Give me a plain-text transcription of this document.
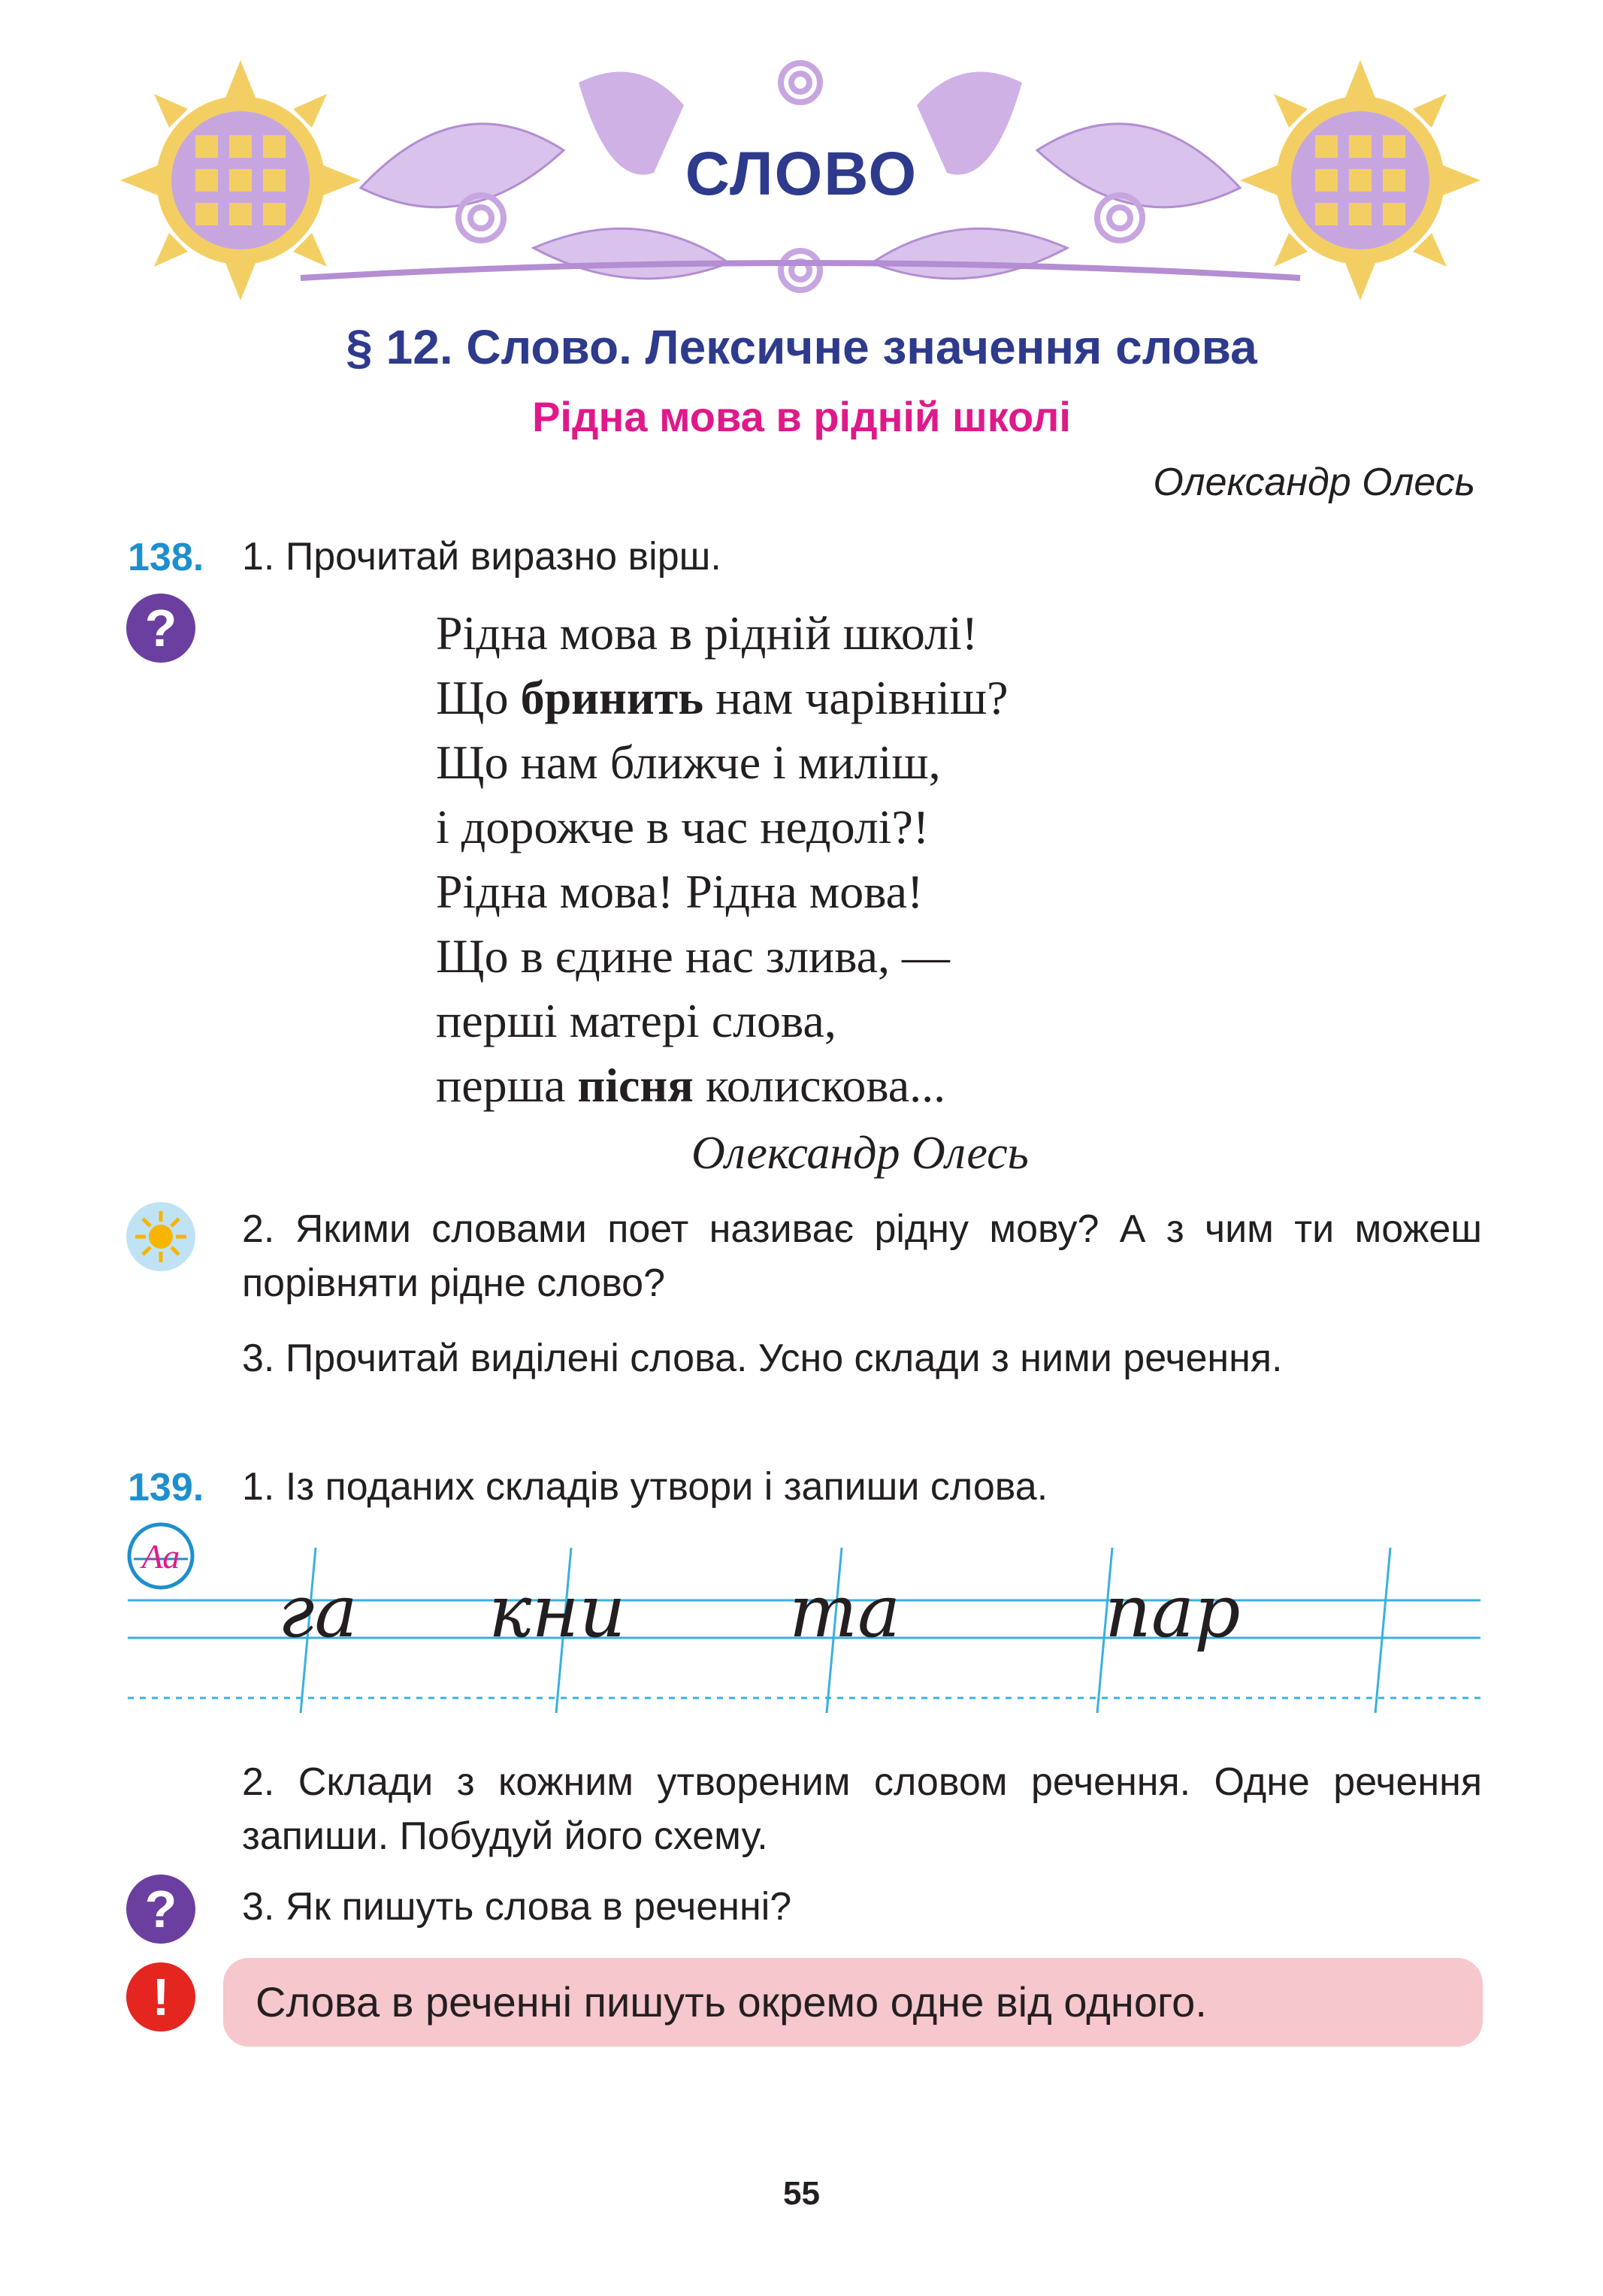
СЛОВО
§ 12. Слово. Лексичне значення слова
Рідна мова в рідній школі
Олександр Олесь
138. 1. Прочитай виразно вірш.
?	Рідна мова в рідній школі!
Що бринить нам чарівніш?
Що нам ближче і миліш,
і дорожче в час недолі?!
Рідна мова! Рідна мова!
Що в єдине нас злива, —
перші матері слова,
перша пісня колискова...
Олександр Олесь
2. Якими словами поет називає рідну мову? А з чим ти можеш порівняти рідне слово?
3. Прочитай виділені слова. Усно склади з ними речення.
139. 1. Із поданих складів утвори і запиши слова.
Аа
га кни та	пар
2. Склади з кожним утвореним словом речення. Одне речення запиши. Побудуй його схему.
?	3. Як пишуть слова в реченні?
!	Слова в реченні пишуть окремо одне від одного.
55
